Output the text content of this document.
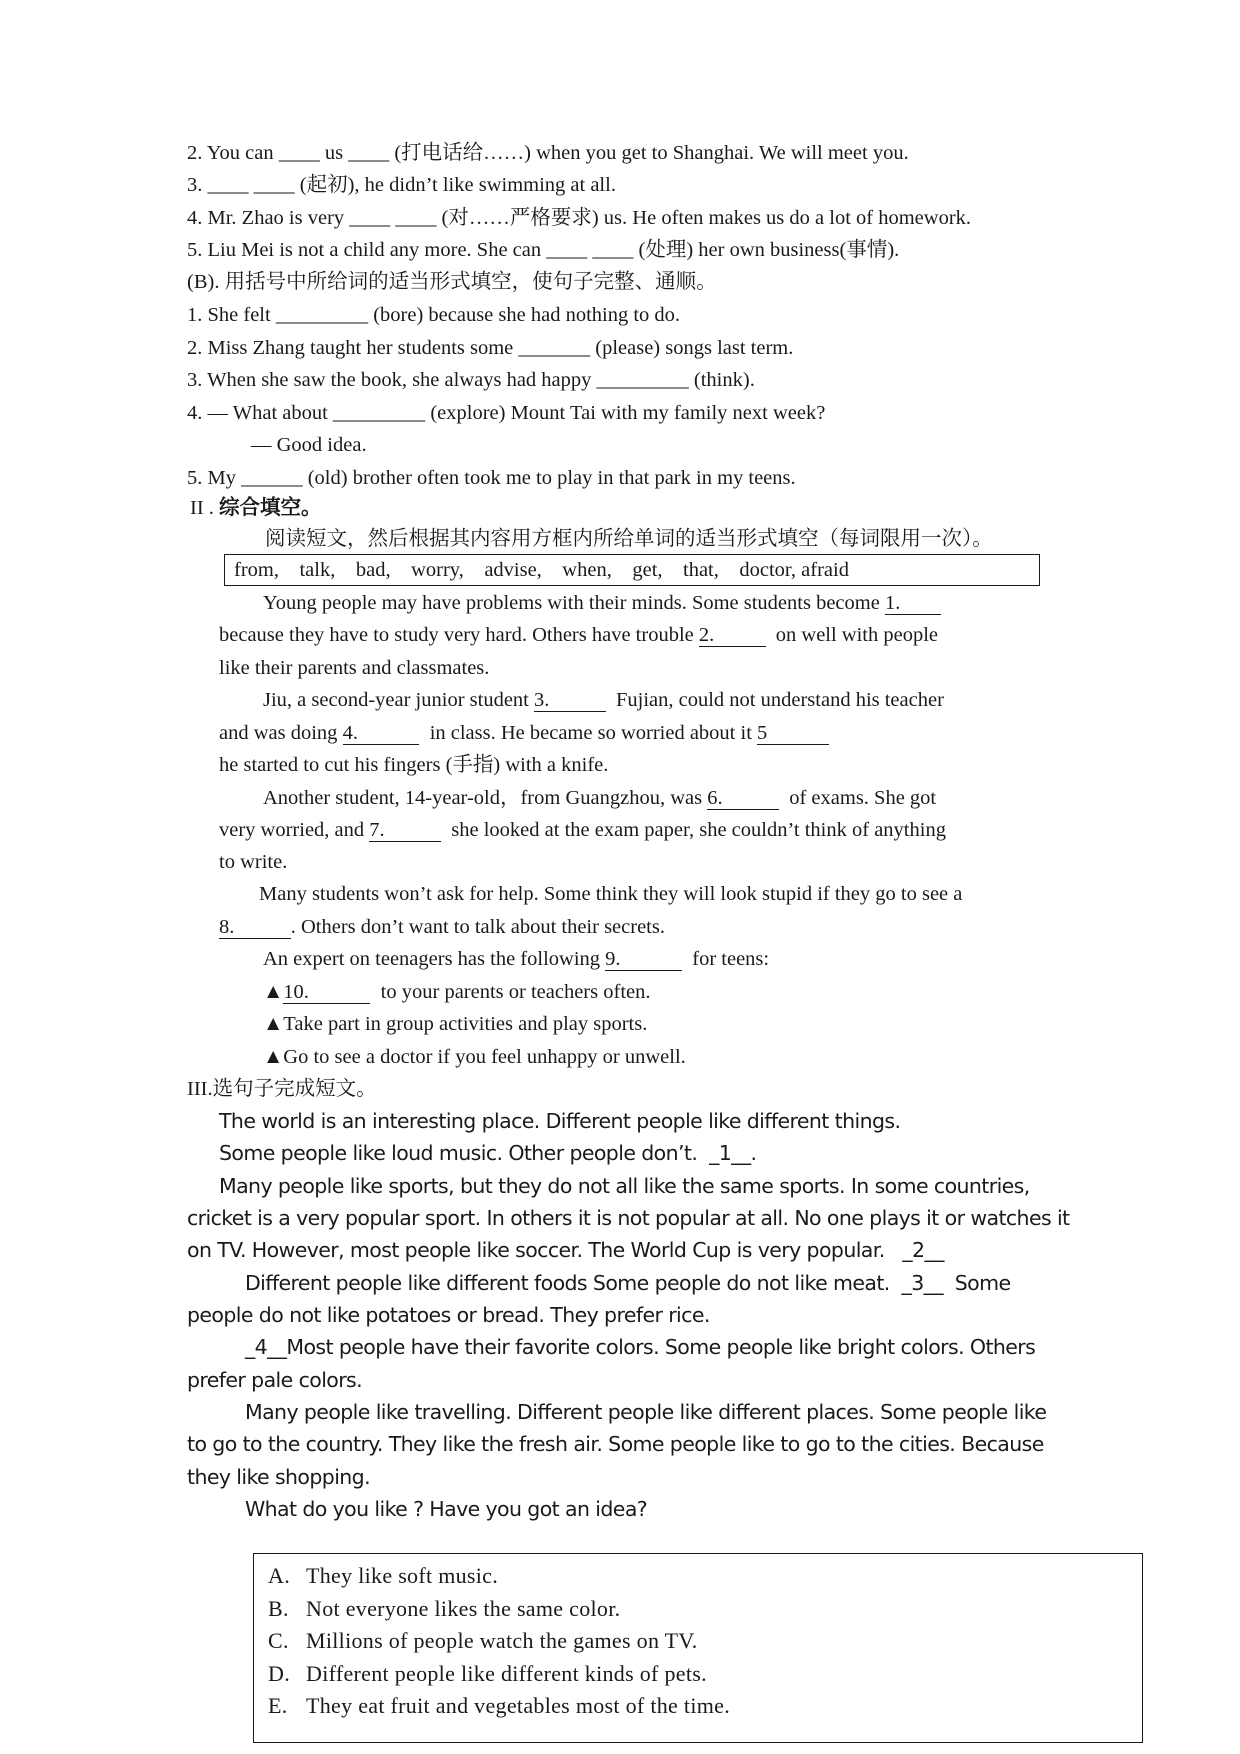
2. You can ____ us ____ (打电话给……) when you get to Shanghai. We will meet you.
3. ____ ____ (起初), he didn’t like swimming at all.
4. Mr. Zhao is very ____ ____ (对……严格要求) us. He often makes us do a lot of homework.
5. Liu Mei is not a child any more. She can ____ ____ (处理) her own business(事情).
(B). 用括号中所给词的适当形式填空，使句子完整、通顺。
1. She felt _________ (bore) because she had nothing to do.
2. Miss Zhang taught her students some _______ (please) songs last term.
3. When she saw the book, she always had happy _________ (think).
4. — What about _________ (explore) Mount Tai with my family next week?
— Good idea.
5. My ______ (old) brother often took me to play in that park in my teens.
II . 综合填空。
阅读短文，然后根据其内容用方框内所给单词的适当形式填空（每词限用一次）。
from,    talk,    bad,    worry,    advise,    when,    get,    that,    doctor, afraid
Young people may have problems with their minds. Some students become 1.
because they have to study very hard. Others have trouble 2.            on well with people
like their parents and classmates.
Jiu, a second-year junior student 3.             Fujian, could not understand his teacher
and was doing 4.              in class. He became so worried about it 5
he started to cut his fingers (手指) with a knife.
Another student, 14-year-old，from Guangzhou, was 6.             of exams. She got
very worried, and 7.             she looked at the exam paper, she couldn’t think of anything
to write.
Many students won’t ask for help. Some think they will look stupid if they go to see a
8.           . Others don’t want to talk about their secrets.
An expert on teenagers has the following 9.              for teens:
▲10.              to your parents or teachers often.
▲Take part in group activities and play sports.
▲Go to see a doctor if you feel unhappy or unwell.
III.选句子完成短文。
The world is an interesting place. Different people like different things.
Some people like loud music. Other people don’t.  _1__.
Many people like sports, but they do not all like the same sports. In some countries,
cricket is a very popular sport. In others it is not popular at all. No one plays it or watches it
on TV. However, most people like soccer. The World Cup is very popular.   _2__
Different people like different foods Some people do not like meat.  _3__  Some
people do not like potatoes or bread. They prefer rice.
_4__Most people have their favorite colors. Some people like bright colors. Others
prefer pale colors.
Many people like travelling. Different people like different places. Some people like
to go to the country. They like the fresh air. Some people like to go to the cities. Because
they like shopping.
What do you like ? Have you got an idea?
A. They like soft music.
B. Not everyone likes the same color.
C. Millions of people watch the games on TV.
D. Different people like different kinds of pets.
E. They eat fruit and vegetables most of the time.
